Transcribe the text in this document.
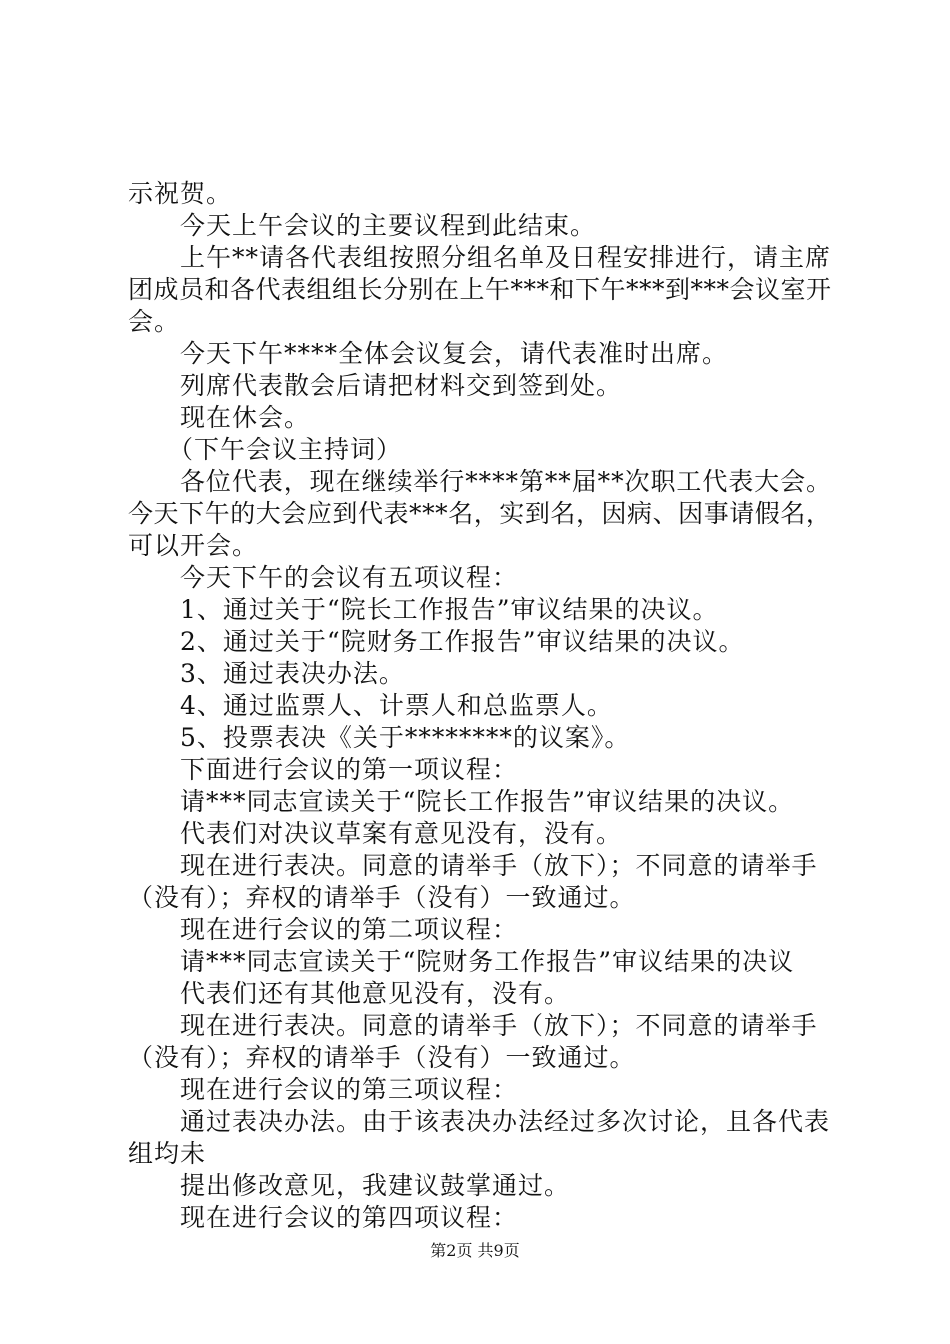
示祝贺。
今天上午会议的主要议程到此结束。
上午**请各代表组按照分组名单及日程安排进行，请主席
团成员和各代表组组长分别在上午***和下午***到***会议室开
会。
今天下午****全体会议复会，请代表准时出席。
列席代表散会后请把材料交到签到处。
现在休会。
（下午会议主持词）
各位代表，现在继续举行****第**届**次职工代表大会。
今天下午的大会应到代表***名，实到名，因病、因事请假名，
可以开会。
今天下午的会议有五项议程：
1、通过关于“院长工作报告”审议结果的决议。
2、通过关于“院财务工作报告”审议结果的决议。
3、通过表决办法。
4、通过监票人、计票人和总监票人。
5、投票表决《关于********的议案》。
下面进行会议的第一项议程：
请***同志宣读关于“院长工作报告”审议结果的决议。
代表们对决议草案有意见没有，没有。
现在进行表决。同意的请举手（放下）；不同意的请举手
（没有）；弃权的请举手（没有）一致通过。
现在进行会议的第二项议程：
请***同志宣读关于“院财务工作报告”审议结果的决议
代表们还有其他意见没有，没有。
现在进行表决。同意的请举手（放下）；不同意的请举手
（没有）；弃权的请举手（没有）一致通过。
现在进行会议的第三项议程：
通过表决办法。由于该表决办法经过多次讨论，且各代表
组均未
提出修改意见，我建议鼓掌通过。
现在进行会议的第四项议程：
第2页 共9页
